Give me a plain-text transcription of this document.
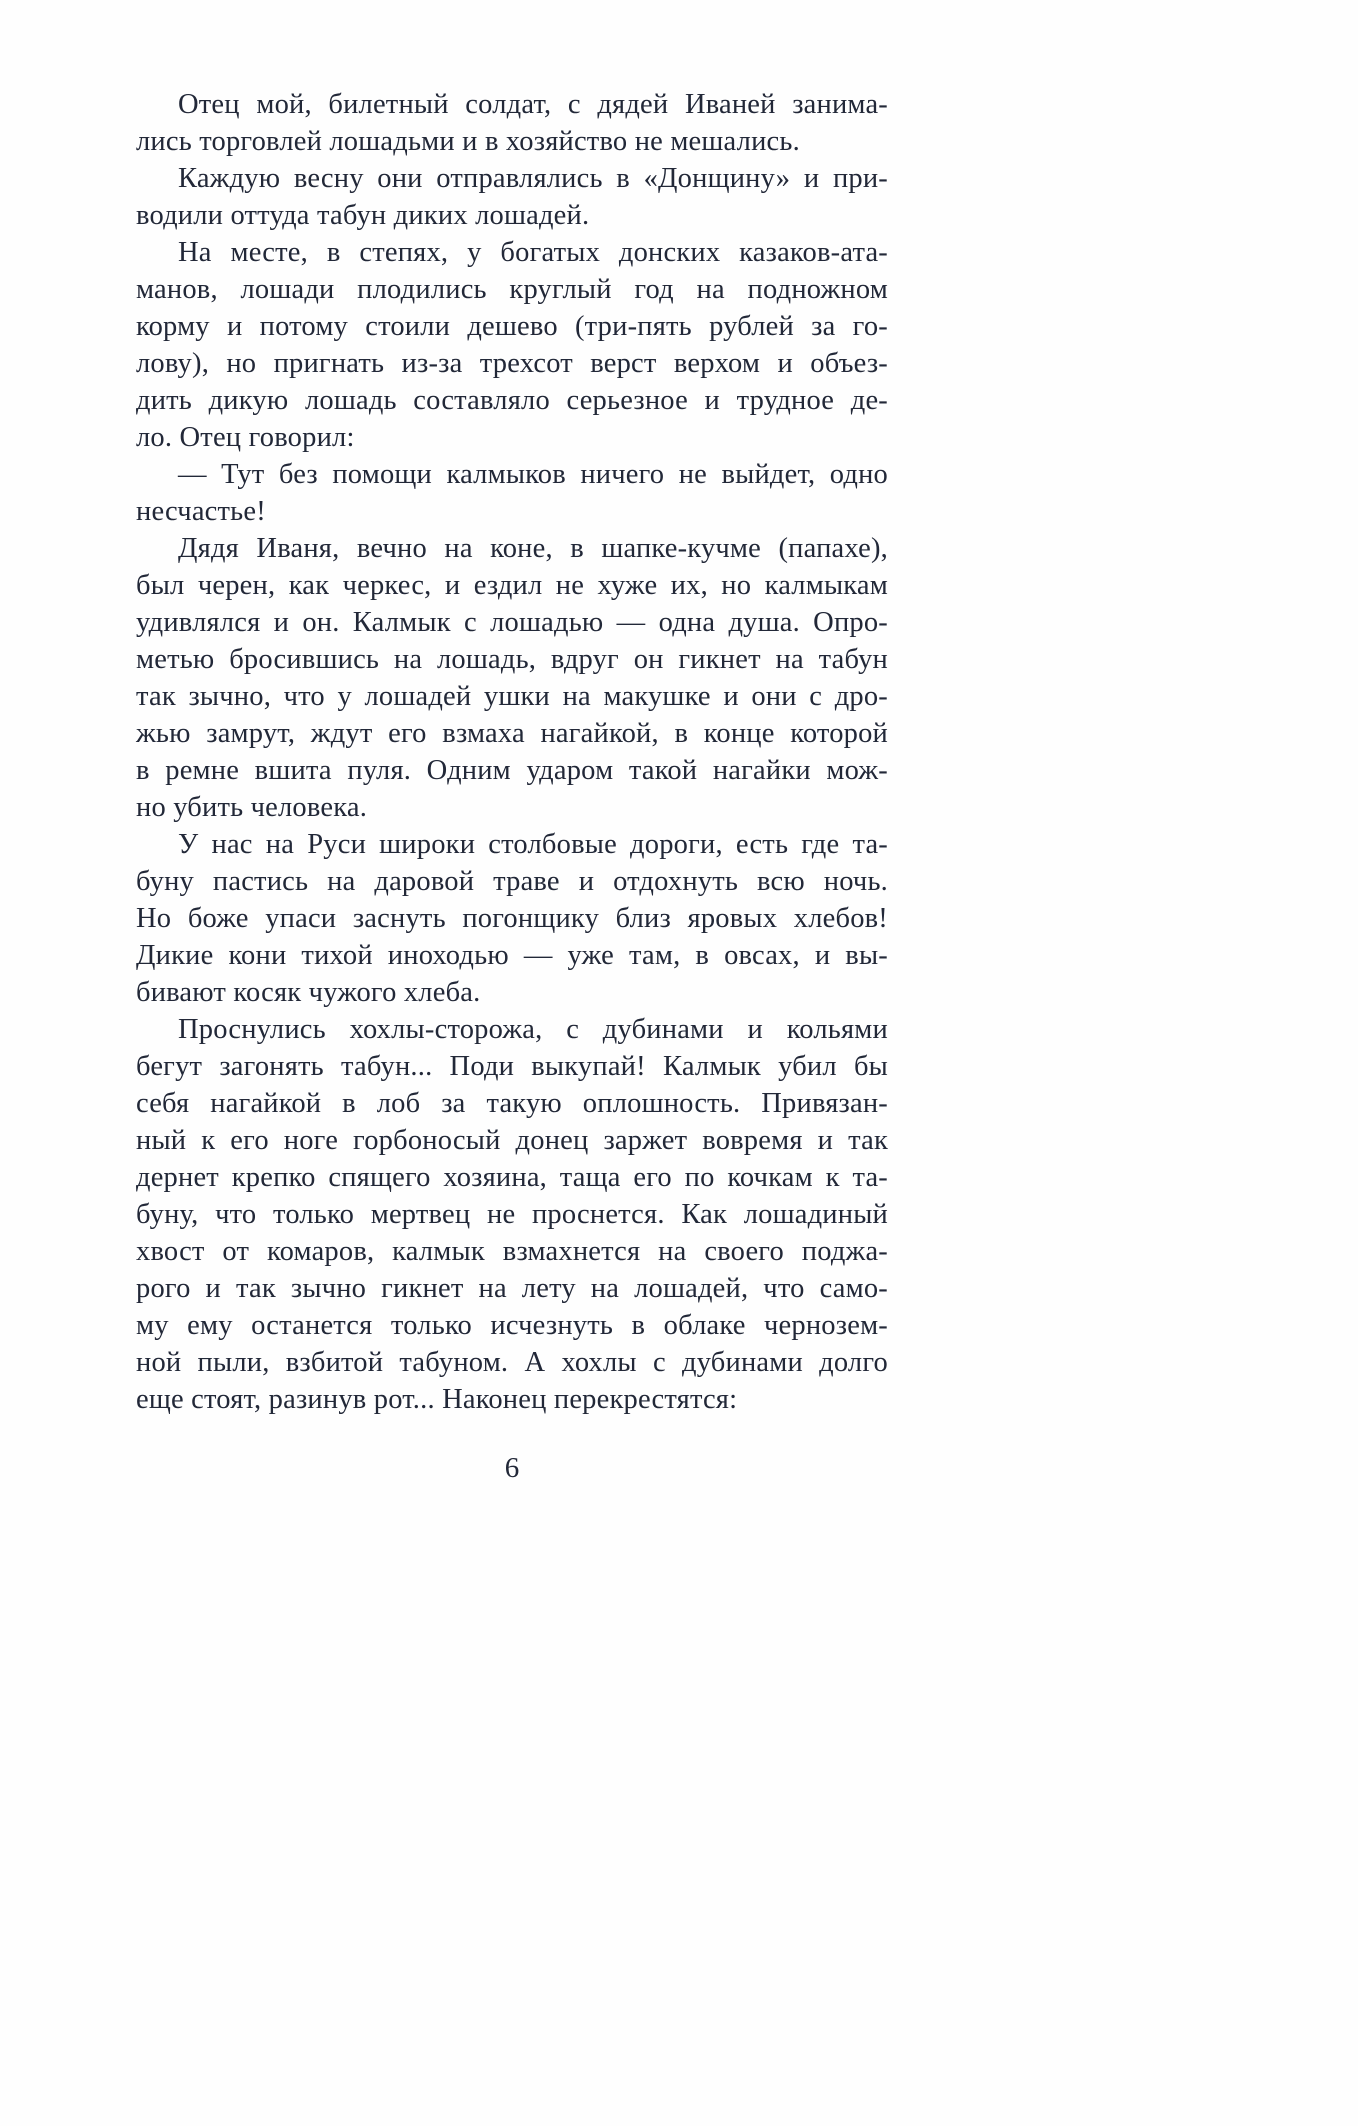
Отец мой, билетный солдат, с дядей Иваней занима-
лись торговлей лошадьми и в хозяйство не мешались.
Каждую весну они отправлялись в «Донщину» и при-
водили оттуда табун диких лошадей.
На месте, в степях, у богатых донских казаков-ата-
манов, лошади плодились круглый год на подножном
корму и потому стоили дешево (три-пять рублей за го-
лову), но пригнать из-за трехсот верст верхом и объез-
дить дикую лошадь составляло серьезное и трудное де-
ло. Отец говорил:
— Тут без помощи калмыков ничего не выйдет, одно
несчастье!
Дядя Иваня, вечно на коне, в шапке-кучме (папахе),
был черен, как черкес, и ездил не хуже их, но калмыкам
удивлялся и он. Калмык с лошадью — одна душа. Опро-
метью бросившись на лошадь, вдруг он гикнет на табун
так зычно, что у лошадей ушки на макушке и они с дро-
жью замрут, ждут его взмаха нагайкой, в конце которой
в ремне вшита пуля. Одним ударом такой нагайки мож-
но убить человека.
У нас на Руси широки столбовые дороги, есть где та-
буну пастись на даровой траве и отдохнуть всю ночь.
Но боже упаси заснуть погонщику близ яровых хлебов!
Дикие кони тихой иноходью — уже там, в овсах, и вы-
бивают косяк чужого хлеба.
Проснулись хохлы-сторожа, с дубинами и кольями
бегут загонять табун... Поди выкупай! Калмык убил бы
себя нагайкой в лоб за такую оплошность. Привязан-
ный к его ноге горбоносый донец заржет вовремя и так
дернет крепко спящего хозяина, таща его по кочкам к та-
буну, что только мертвец не проснется. Как лошадиный
хвост от комаров, калмык взмахнется на своего поджа-
рого и так зычно гикнет на лету на лошадей, что само-
му ему останется только исчезнуть в облаке чернозем-
ной пыли, взбитой табуном. А хохлы с дубинами долго
еще стоят, разинув рот... Наконец перекрестятся:
6
